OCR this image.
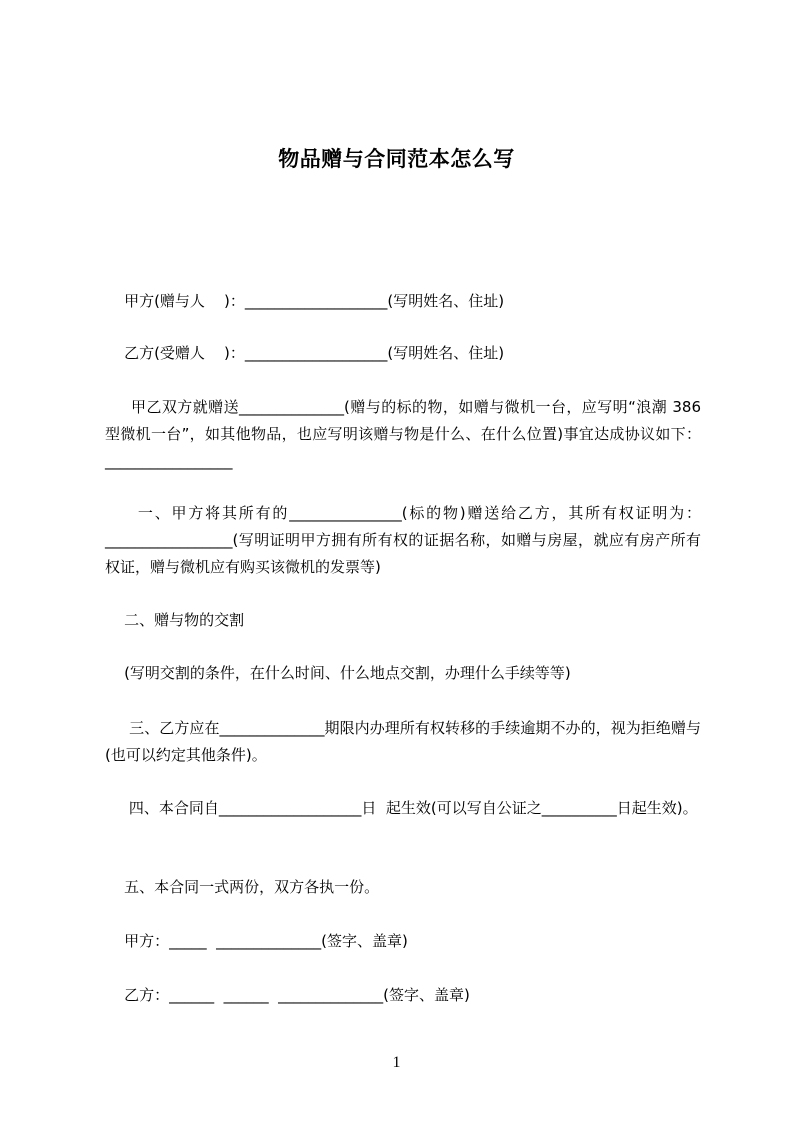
物品赠与合同范本怎么写
甲方(赠与人    )：___________________(写明姓名、住址)
乙方(受赠人    )：___________________(写明姓名、住址)
甲乙双方就赠送______________(赠与的标的物，如赠与微机一台，应写明“浪潮 386 型微机一台”，如其他物品，也应写明该赠与物是什么、在什么位置)事宜达成协议如下：_________________
一、甲方将其所有的_______________(标的物)赠送给乙方，其所有权证明为：_________________(写明证明甲方拥有所有权的证据名称，如赠与房屋，就应有房产所有权证，赠与微机应有购买该微机的发票等)
二、赠与物的交割
(写明交割的条件，在什么时间、什么地点交割，办理什么手续等等)
三、乙方应在______________期限内办理所有权转移的手续逾期不办的，视为拒绝赠与(也可以约定其他条件)。
四、本合同自___________________日  起生效(可以写自公证之__________日起生效)。
五、本合同一式两份，双方各执一份。
甲方：_____  ______________(签字、盖章)
乙方：______  ______  ______________(签字、盖章)
1
